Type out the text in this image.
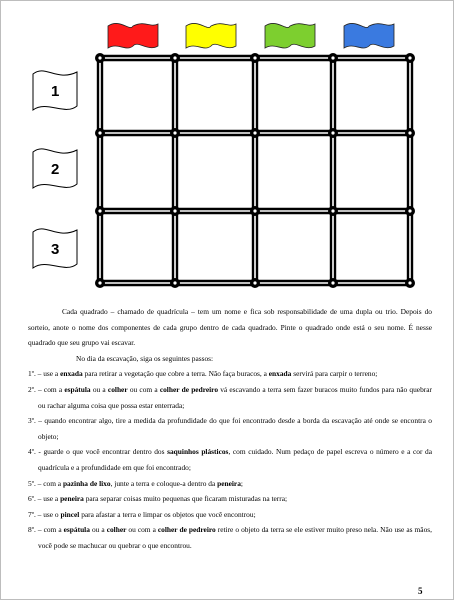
1
2
3

Cada quadrado – chamado de quadrícula – tem um nome e fica sob responsabilidade de uma dupla ou trio. Depois do sorteio, anote o nome dos componentes de cada grupo dentro de cada quadrado. Pinte o quadrado onde está o seu nome. É nesse quadrado que seu grupo vai escavar.

No dia da escavação, siga os seguintes passos:

1º. – use a enxada para retirar a vegetação que cobre a terra. Não faça buracos, a enxada servirá para carpir o terreno;

2º. – com a espátula ou a colher ou com a colher de pedreiro vá escavando a terra sem fazer buracos muito fundos para não quebrar ou rachar alguma coisa que possa estar enterrada;

3º. – quando encontrar algo, tire a medida da profundidade do que foi encontrado desde a borda da escavação até onde se encontra o objeto;

4º. - guarde o que você encontrar dentro dos saquinhos plásticos, com cuidado. Num pedaço de papel escreva o número e a cor da quadrícula e a profundidade em que foi encontrado;

5º. – com a pazinha de lixo, junte a terra e coloque-a dentro da peneira;

6º. – use a peneira para separar coisas muito pequenas que ficaram misturadas na terra;

7º. – use o pincel para afastar a terra e limpar os objetos que você encontrou;

8º. – com a espátula ou a colher ou com a colher de pedreiro retire o objeto da terra se ele estiver muito preso nela. Não use as mãos, você pode se machucar ou quebrar o que encontrou.

5
